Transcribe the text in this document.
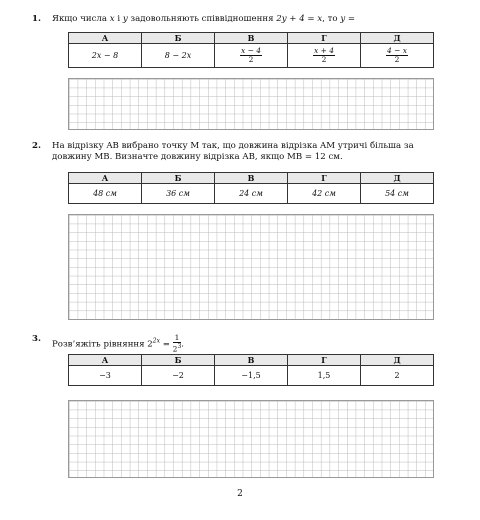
1. Якщо числа x і y задовольняють співвідношення 2y + 4 = x, то y =
А	Б	В	Г	Д
2x − 8	8 − 2x	$\frac{x - 4}{2}$	$\frac{x + 4}{2}$	$\frac{4 - x}{2}$
2. На відрізку AB вибрано точку M так, що довжина відрізка AM утричі більша за довжину MB. Визначте довжину відрізка AB, якщо MB = 12 см.
А	Б	В	Г	Д
48 см	36 см	24 см	42 см	54 см
3.
Розв’яжіть рівняння $2^{2x} = \frac{1}{2^3}$ .
А	Б	В	Г	Д
−3	−2	−1,5	1,5	2
2
